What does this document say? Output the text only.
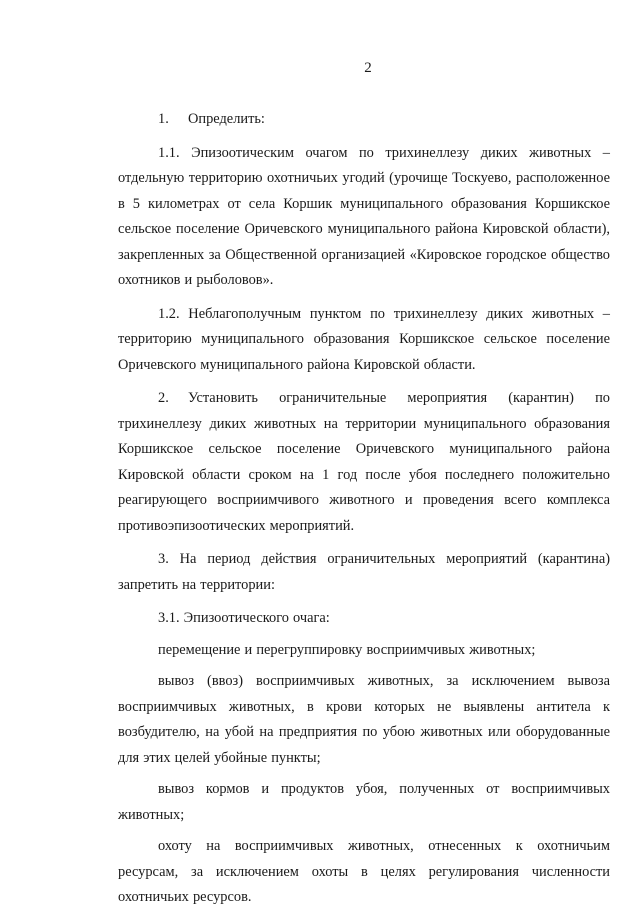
2

1. Определить:

1.1. Эпизоотическим очагом по трихинеллезу диких животных – отдельную территорию охотничьих угодий (урочище Тоскуево, расположенное в 5 километрах от села Коршик муниципального образования Коршикское сельское поселение Оричевского муниципального района Кировской области), закрепленных за Общественной организацией «Кировское городское общество охотников и рыболовов».

1.2. Неблагополучным пунктом по трихинеллезу диких животных – территорию муниципального образования Коршикское сельское поселение Оричевского муниципального района Кировской области.

2. Установить ограничительные мероприятия (карантин) по трихинеллезу диких животных на территории муниципального образования Коршикское сельское поселение Оричевского муниципального района Кировской области сроком на 1 год после убоя последнего положительно реагирующего восприимчивого животного и проведения всего комплекса противоэпизоотических мероприятий.

3. На период действия ограничительных мероприятий (карантина) запретить на территории:

3.1. Эпизоотического очага:

перемещение и перегруппировку восприимчивых животных;

вывоз (ввоз) восприимчивых животных, за исключением вывоза восприимчивых животных, в крови которых не выявлены антитела к возбудителю, на убой на предприятия по убою животных или оборудованные для этих целей убойные пункты;

вывоз кормов и продуктов убоя, полученных от восприимчивых животных;

охоту на восприимчивых животных, отнесенных к охотничьим ресурсам, за исключением охоты в целях регулирования численности охотничьих ресурсов.
